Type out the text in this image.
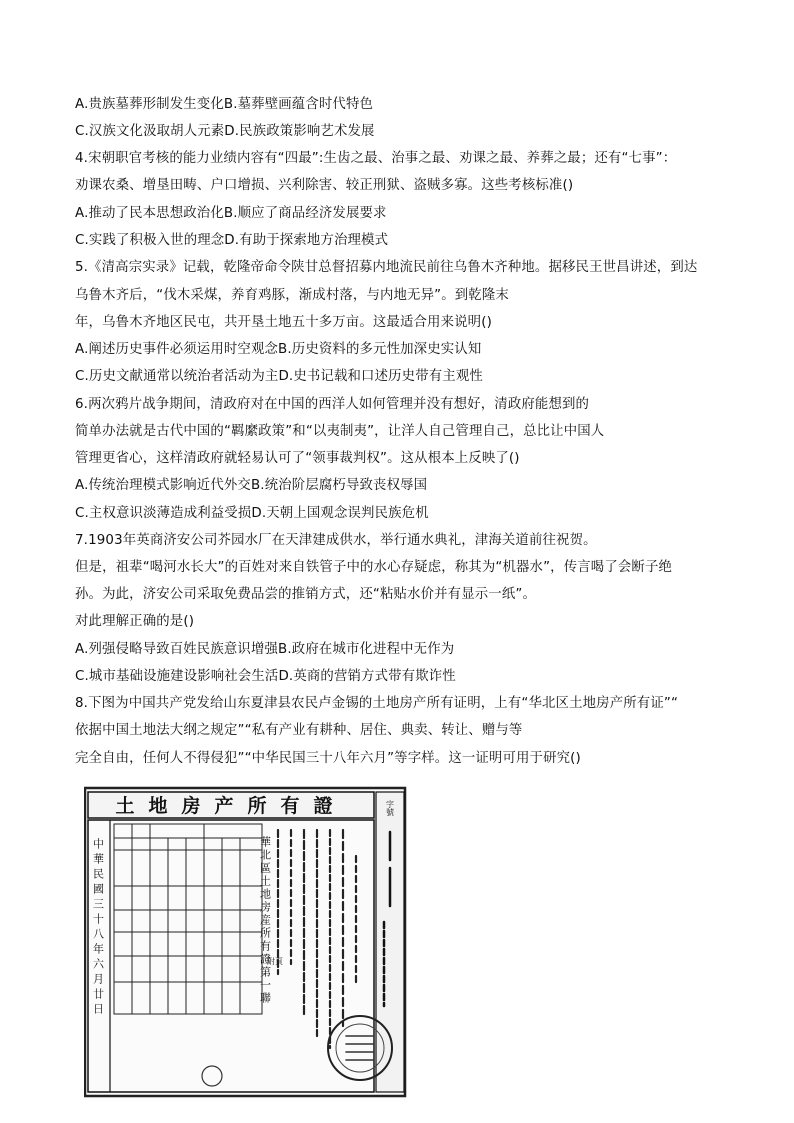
A.贵族墓葬形制发生变化B.墓葬壁画蕴含时代特色
C.汉族文化汲取胡人元素D.民族政策影响艺术发展
4.宋朝职官考核的能力业绩内容有“四最”:生齿之最、治事之最、劝课之最、养葬之最；还有“七事”：
劝课农桑、增垦田畴、户口增损、兴利除害、较正刑狱、盗贼多寡。这些考核标准()
A.推动了民本思想政治化B.顺应了商品经济发展要求
C.实践了积极入世的理念D.有助于探索地方治理模式
5.《清高宗实录》记载，乾隆帝命令陕甘总督招募内地流民前往乌鲁木齐种地。据移民王世昌讲述，到达
乌鲁木齐后，“伐木采煤，养育鸡豚，渐成村落，与内地无异”。到乾隆末
年，乌鲁木齐地区民屯，共开垦土地五十多万亩。这最适合用来说明()
A.阐述历史事件必须运用时空观念B.历史资料的多元性加深史实认知
C.历史文献通常以统治者活动为主D.史书记载和口述历史带有主观性
6.两次鸦片战争期间，清政府对在中国的西洋人如何管理并没有想好，清政府能想到的
简单办法就是古代中国的“羁縻政策”和“以夷制夷”，让洋人自己管理自己，总比让中国人
管理更省心，这样清政府就轻易认可了“领事裁判权”。这从根本上反映了()
A.传统治理模式影响近代外交B.统治阶层腐朽导致丧权辱国
C.主权意识淡薄造成利益受损D.天朝上国观念误判民族危机
7.1903年英商济安公司芥园水厂在天津建成供水，举行通水典礼，津海关道前往祝贺。
但是，祖辈“喝河水长大”的百姓对来自铁管子中的水心存疑虑，称其为“机器水”，传言喝了会断子绝
孙。为此，济安公司采取免费品尝的推销方式，还“粘贴水价并有显示一纸”。
对此理解正确的是()
A.列强侵略导致百姓民族意识增强B.政府在城市化进程中无作为
C.城市基础设施建设影响社会生活D.英商的营销方式带有欺诈性
8.下图为中国共产党发给山东夏津县农民卢金锡的土地房产所有证明，上有“华北区土地房产所有证”“
依据中国土地法大纲之规定”“私有产业有耕种、居住、典卖、转让、赠与等
完全自由，任何人不得侵犯”“中华民国三十八年六月”等字样。这一证明可用于研究()
土地房产所有證
中華民國三十八年六月廿日	附頁
字號
華北區土地房産所有證第一聯
